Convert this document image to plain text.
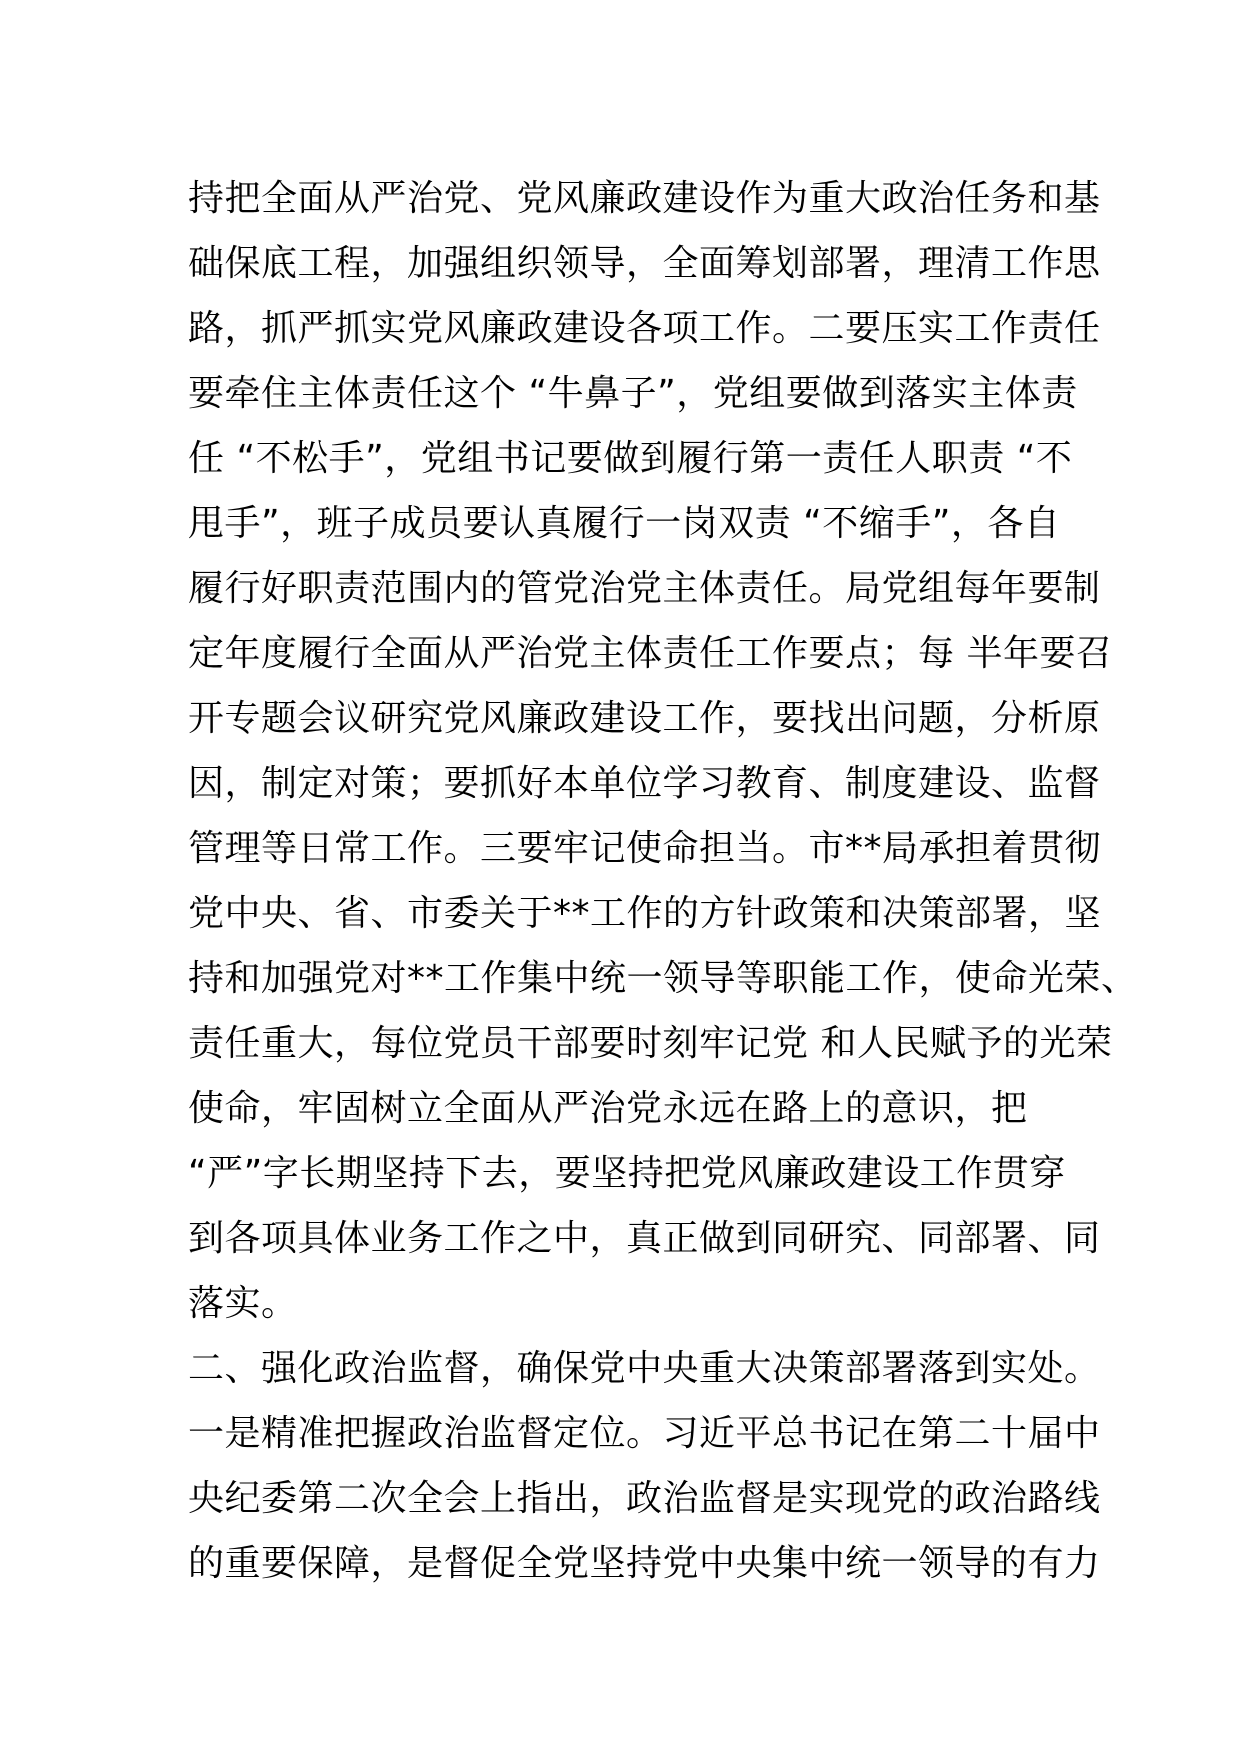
持把全面从严治党、党风廉政建设作为重大政治任务和基
础保底工程，加强组织领导，全面筹划部署，理清工作思
路，抓严抓实党风廉政建设各项工作。二要压实工作责任
要牵住主体责任这个 “牛鼻子”，党组要做到落实主体责
任 “不松手”，党组书记要做到履行第一责任人职责 “不
甩手”，班子成员要认真履行一岗双责 “不缩手”，各自
履行好职责范围内的管党治党主体责任。局党组每年要制
定年度履行全面从严治党主体责任工作要点；每 半年要召
开专题会议研究党风廉政建设工作，要找出问题，分析原
因，制定对策；要抓好本单位学习教育、制度建设、监督
管理等日常工作。三要牢记使命担当。市**局承担着贯彻
党中央、省、市委关于**工作的方针政策和决策部署，坚
持和加强党对**工作集中统一领导等职能工作，使命光荣、
责任重大，每位党员干部要时刻牢记党 和人民赋予的光荣
使命，牢固树立全面从严治党永远在路上的意识，把
“严”字长期坚持下去，要坚持把党风廉政建设工作贯穿
到各项具体业务工作之中，真正做到同研究、同部署、同
落实。
二、强化政治监督，确保党中央重大决策部署落到实处。
一是精准把握政治监督定位。习近平总书记在第二十届中
央纪委第二次全会上指出，政治监督是实现党的政治路线
的重要保障，是督促全党坚持党中央集中统一领导的有力
